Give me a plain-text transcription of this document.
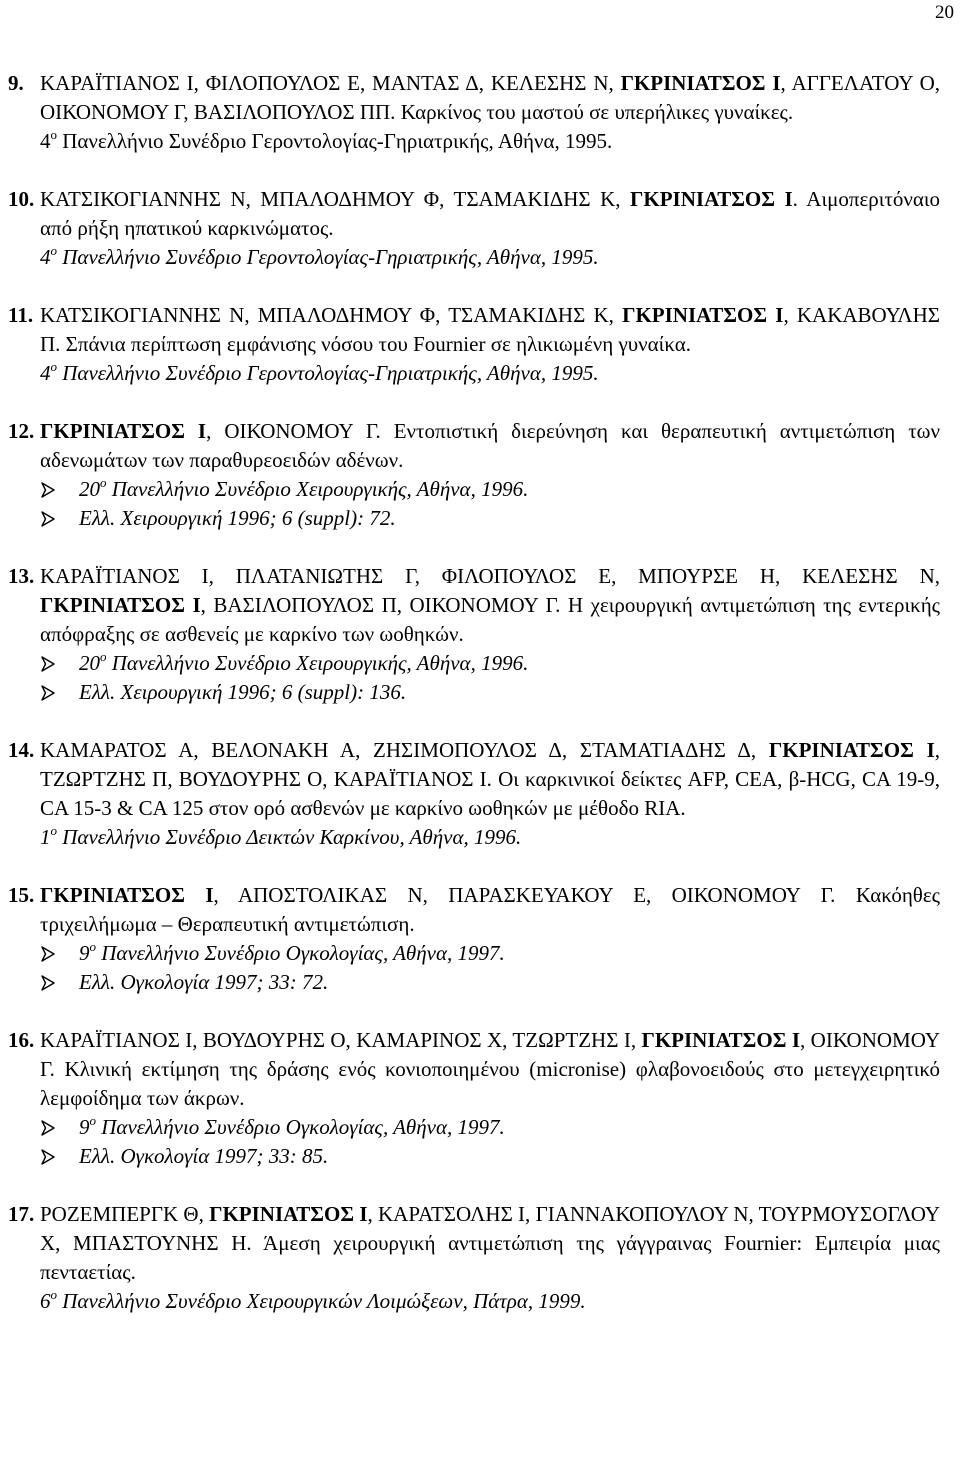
20
9. ΚΑΡΑΪΤΙΑΝΟΣ Ι, ΦΙΛΟΠΟΥΛΟΣ Ε, ΜΑΝΤΑΣ Δ, ΚΕΛΕΣΗΣ Ν, ΓΚΡΙΝΙΑΤΣΟΣ Ι, ΑΓΓΕΛΑΤΟΥ Ο, ΟΙΚΟΝΟΜΟΥ Γ, ΒΑΣΙΛΟΠΟΥΛΟΣ ΠΠ. Καρκίνος του μαστού σε υπερήλικες γυναίκες.
$4^o$ Πανελλήνιο Συνέδριο Γεροντολογίας-Γηριατρικής, Αθήνα, 1995.
10. ΚΑΤΣΙΚΟΓΙΑΝΝΗΣ Ν, ΜΠΑΛΟΔΗΜΟΥ Φ, ΤΣΑΜΑΚΙΔΗΣ Κ, ΓΚΡΙΝΙΑΤΣΟΣ Ι. Αιμοπεριτόναιο από ρήξη ηπατικού καρκινώματος.
$4^o$ Πανελλήνιο Συνέδριο Γεροντολογίας-Γηριατρικής, Αθήνα, 1995.
11. ΚΑΤΣΙΚΟΓΙΑΝΝΗΣ Ν, ΜΠΑΛΟΔΗΜΟΥ Φ, ΤΣΑΜΑΚΙΔΗΣ Κ, ΓΚΡΙΝΙΑΤΣΟΣ Ι, ΚΑΚΑΒΟΥΛΗΣ Π. Σπάνια περίπτωση εμφάνισης νόσου του Fournier σε ηλικιωμένη γυναίκα.
$4^o$ Πανελλήνιο Συνέδριο Γεροντολογίας-Γηριατρικής, Αθήνα, 1995.
12. ΓΚΡΙΝΙΑΤΣΟΣ Ι, ΟΙΚΟΝΟΜΟΥ Γ. Εντοπιστική διερεύνηση και θεραπευτική αντιμετώπιση των αδενωμάτων των παραθυρεοειδών αδένων.
$20^o$ Πανελλήνιο Συνέδριο Χειρουργικής, Αθήνα, 1996.
Ελλ. Χειρουργική 1996; 6 (suppl): 72.
13. ΚΑΡΑΪΤΙΑΝΟΣ Ι, ΠΛΑΤΑΝΙΩΤΗΣ Γ, ΦΙΛΟΠΟΥΛΟΣ Ε, ΜΠΟΥΡΣΕ Η, ΚΕΛΕΣΗΣ Ν, ΓΚΡΙΝΙΑΤΣΟΣ Ι, ΒΑΣΙΛΟΠΟΥΛΟΣ Π, ΟΙΚΟΝΟΜΟΥ Γ. Η χειρουργική αντιμετώπιση της εντερικής απόφραξης σε ασθενείς με καρκίνο των ωοθηκών.
$20^o$ Πανελλήνιο Συνέδριο Χειρουργικής, Αθήνα, 1996.
Ελλ. Χειρουργική 1996; 6 (suppl): 136.
14. ΚΑΜΑΡΑΤΟΣ Α, ΒΕΛΟΝΑΚΗ Α, ΖΗΣΙΜΟΠΟΥΛΟΣ Δ, ΣΤΑΜΑΤΙΑΔΗΣ Δ, ΓΚΡΙΝΙΑΤΣΟΣ Ι, ΤΖΩΡΤΖΗΣ Π, ΒΟΥΔΟΥΡΗΣ Ο, ΚΑΡΑΪΤΙΑΝΟΣ Ι. Οι καρκινικοί δείκτες AFP, CEA, β-HCG, CA 19-9, CA 15-3 & CA 125 στον ορό ασθενών με καρκίνο ωοθηκών με μέθοδο RIA.
$1^o$ Πανελλήνιο Συνέδριο Δεικτών Καρκίνου, Αθήνα, 1996.
15. ΓΚΡΙΝΙΑΤΣΟΣ Ι, ΑΠΟΣΤΟΛΙΚΑΣ Ν, ΠΑΡΑΣΚΕΥΑΚΟΥ Ε, ΟΙΚΟΝΟΜΟΥ Γ. Κακόηθες τριχειλήμωμα – Θεραπευτική αντιμετώπιση.
$9^o$ Πανελλήνιο Συνέδριο Ογκολογίας, Αθήνα, 1997.
Ελλ. Ογκολογία 1997; 33: 72.
16. ΚΑΡΑΪΤΙΑΝΟΣ Ι, ΒΟΥΔΟΥΡΗΣ Ο, ΚΑΜΑΡΙΝΟΣ Χ, ΤΖΩΡΤΖΗΣ Ι, ΓΚΡΙΝΙΑΤΣΟΣ Ι, ΟΙΚΟΝΟΜΟΥ Γ. Κλινική εκτίμηση της δράσης ενός κονιοποιημένου (micronise) φλαβονοειδούς στο μετεγχειρητικό λεμφοίδημα των άκρων.
$9^o$ Πανελλήνιο Συνέδριο Ογκολογίας, Αθήνα, 1997.
Ελλ. Ογκολογία 1997; 33: 85.
17. ΡΟΖΕΜΠΕΡΓΚ Θ, ΓΚΡΙΝΙΑΤΣΟΣ Ι, ΚΑΡΑΤΣΟΛΗΣ Ι, ΓΙΑΝΝΑΚΟΠΟΥΛΟΥ Ν, ΤΟΥΡΜΟΥΣΟΓΛΟΥ Χ, ΜΠΑΣΤΟΥΝΗΣ Η. Άμεση χειρουργική αντιμετώπιση της γάγγραινας Fournier: Εμπειρία μιας πενταετίας.
$6^o$ Πανελλήνιο Συνέδριο Χειρουργικών Λοιμώξεων, Πάτρα, 1999.
